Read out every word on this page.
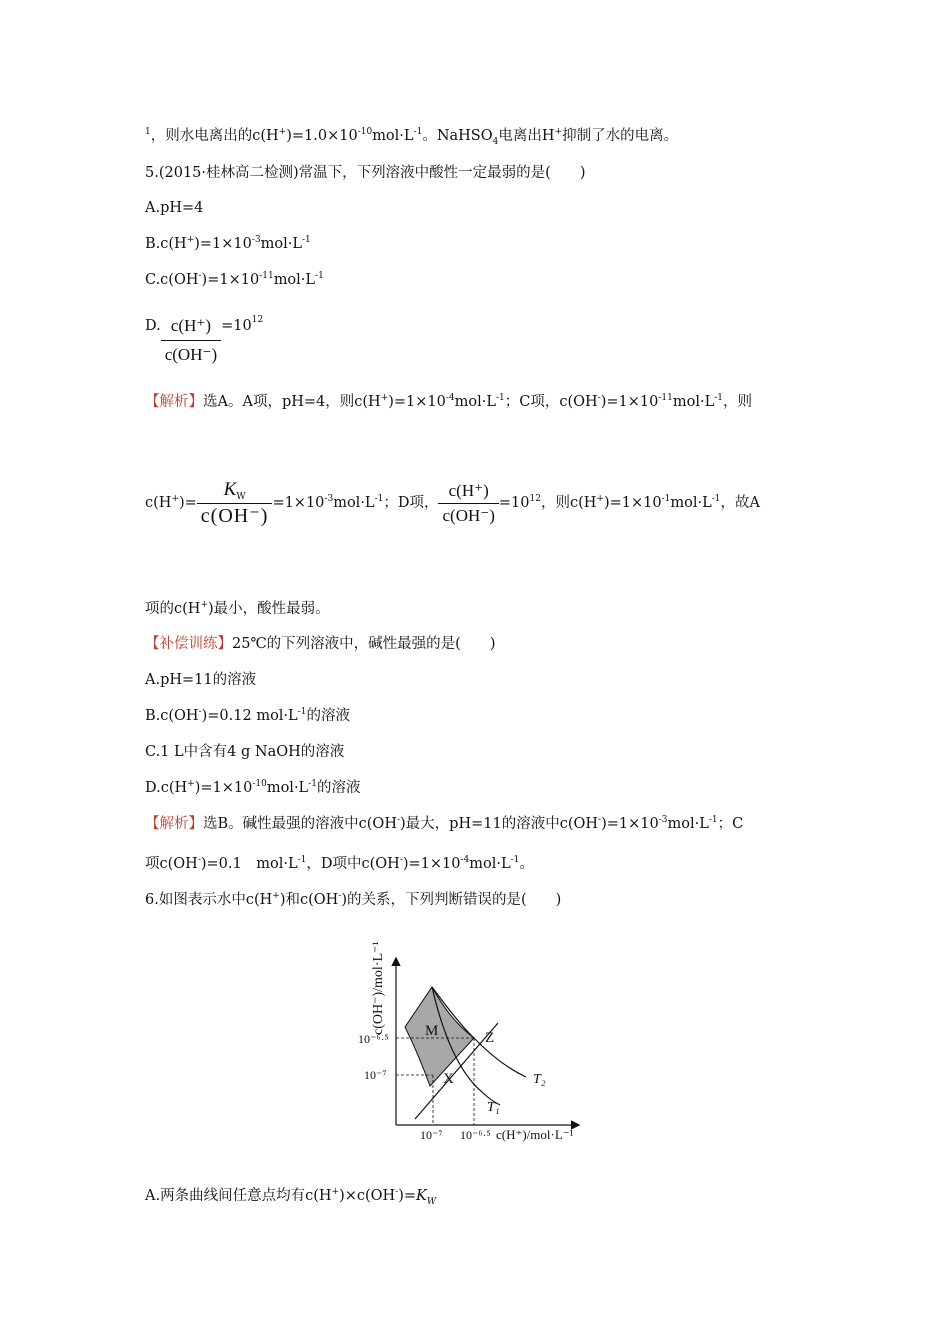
$^1$，则水电离出的$c(H^+)=1.0\times 10^{-10}mol\cdot L^{-1}$。NaHSO$_4$电离出H+抑制了水的电离。
5.(2015·桂林高二检测)常温下，下列溶液中酸性一定最弱的是(　　)
A.pH=4
$B.c(H^+)=1\times 10^{-3}mol\cdot L^{-1}$
$C.c(OH^-)=1\times 10^{-11}mol\cdot L^{-1}$
D. $\frac{c(H^+)}{c(OH^-)} =10^{12}$
【解析】选A。A项，pH=4，则$c(H^+)=1\times 10^{-4}mol\cdot L^{-1}$；C项，$c(OH^-)=1\times 10^{-11}mol\cdot L^{-1}$，则
$c(H^+)= \frac{K_W}{c(OH^-)} =1\times 10^{-3}mol\cdot L^{-1}$；D项， $\frac{c(H^+)}{c(OH^-)} =10^{12}$，则$c(H^+)=1\times 10^{-1}mol\cdot L^{-1}$，故A
项的c(H+)最小，酸性最弱。
【补偿训练】25℃的下列溶液中，碱性最强的是(　　)
A.pH=11的溶液
B.c(OH-)=0.12 $mol\cdot L^{-1}$的溶液
C.1 L中含有4 g NaOH的溶液
$D.c(H^+)=1\times 10^{-10}mol\cdot L^{-1}$的溶液
【解析】选B。碱性最强的溶液中c(OH-)最大，pH=11的溶液中$c(OH^-)=1\times 10^{-3}mol\cdot L^{-1}$；C
项c(OH-)=0.1　$mol\cdot L^{-1}$，D项中$c(OH^-)=1\times 10^{-4}mol\cdot L^{-1}$。
6.如图表示水中c(H+)和c(OH-)的关系，下列判断错误的是(　　)
c(OH⁻)/mol·L⁻¹
c(H⁺)/mol·L⁻¹
10⁻⁶·⁵
10⁻⁷
10⁻⁷ 10⁻⁶·⁵
M
X
Z
T₂
T₁
A.两条曲线间任意点均有$c(H^+)\times c(OH^-)=K_W$
